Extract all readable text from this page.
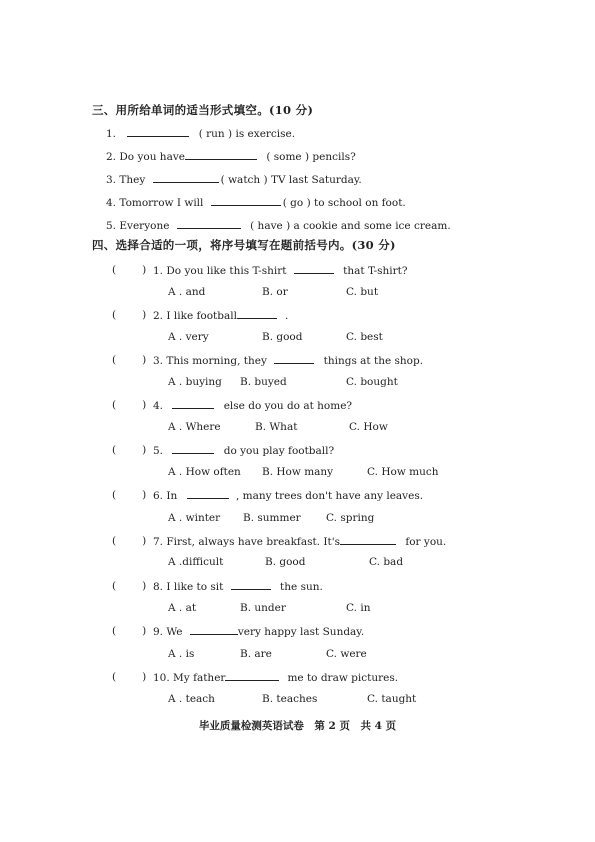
三、用所给单词的适当形式填空。(10 分)
1.	( run ) is exercise.
2. Do you have	( some ) pencils?
3. They	( watch ) TV last Saturday.
4. Tomorrow I will	( go ) to school on foot.
5. Everyone	( have ) a cookie and some ice cream.
四、选择合适的一项，将序号填写在题前括号内。(30 分)
( ) 1. Do you like this T-shirt	that T-shirt?
A . and	B. or	C. but
( ) 2. I like football	.
A . very	B. good	C. best
( ) 3. This morning, they	things at the shop.
A . buying B. buyed	C. bought
( ) 4.	else do you do at home?
A . Where	B. What	C. How
( ) 5.	do you play football?
A . How often B. How many	C. How much
( ) 6. In	, many trees don't have any leaves.
A . winter B. summer C. spring
( ) 7. First, always have breakfast. It's	for you.
A .difficult	B. good	C. bad
( ) 8. I like to sit	the sun.
A . at	B. under	C. in
( ) 9. We	very happy last Sunday.
A . is	B. are	C. were
( ) 10. My father	me to draw pictures.
A . teach	B. teaches	C. taught
毕业质量检测英语试卷　第 2 页　共 4 页
